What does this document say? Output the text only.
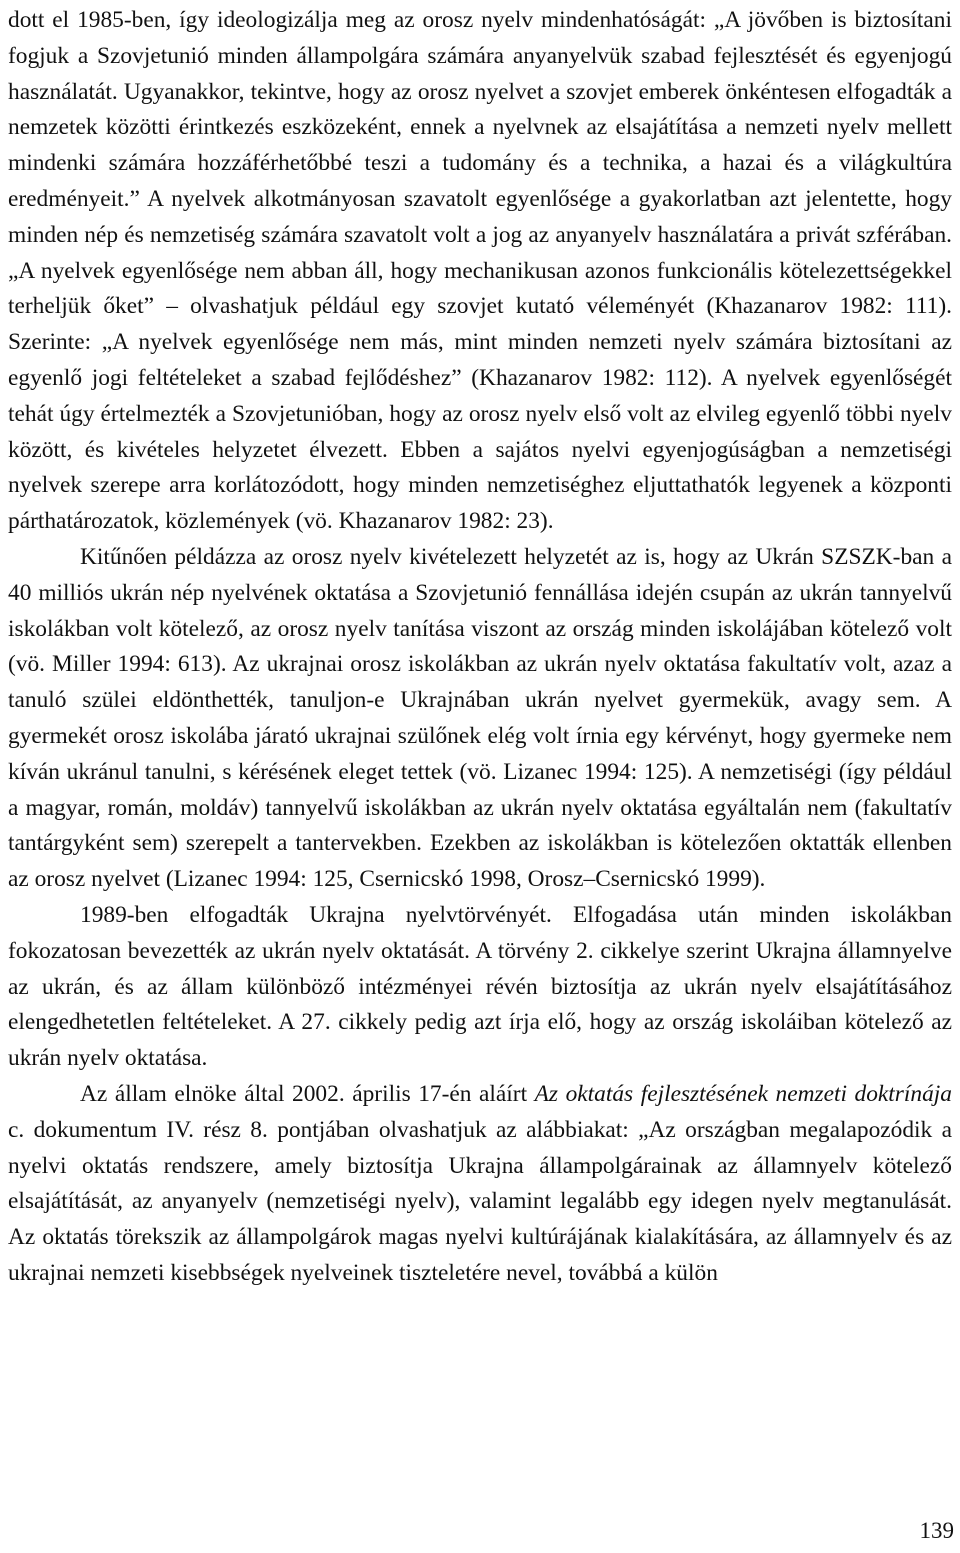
dott el 1985-ben, így ideologizálja meg az orosz nyelv mindenhatóságát: „A jövőben is biztosítani fogjuk a Szovjetunió minden állampolgára számára anyanyelvük szabad fejlesztését és egyenjogú használatát. Ugyanakkor, tekintve, hogy az orosz nyelvet a szovjet emberek önkéntesen elfogadták a nemzetek közötti érintkezés eszközeként, ennek a nyelvnek az elsajátítása a nemzeti nyelv mellett mindenki számára hozzáférhetőbbé teszi a tudomány és a technika, a hazai és a világkultúra eredményeit.” A nyelvek alkotmányosan szavatolt egyenlősége a gyakorlatban azt jelentette, hogy minden nép és nemzetiség számára szavatolt volt a jog az anyanyelv használatára a privát szférában. „A nyelvek egyenlősége nem abban áll, hogy mechanikusan azonos funkcionális kötelezettségekkel terheljük őket” – olvashatjuk például egy szovjet kutató véleményét (Khazanarov 1982: 111). Szerinte: „A nyelvek egyenlősége nem más, mint minden nemzeti nyelv számára biztosítani az egyenlő jogi feltételeket a szabad fejlődéshez” (Khazanarov 1982: 112). A nyelvek egyenlőségét tehát úgy értelmezték a Szovjetunióban, hogy az orosz nyelv első volt az elvileg egyenlő többi nyelv között, és kivételes helyzetet élvezett. Ebben a sajátos nyelvi egyenjogúságban a nemzetiségi nyelvek szerepe arra korlátozódott, hogy minden nemzetiséghez eljuttathatók legyenek a központi párthatározatok, közlemények (vö. Khazanarov 1982: 23).

Kitűnően példázza az orosz nyelv kivételezett helyzetét az is, hogy az Ukrán SZSZK-ban a 40 milliós ukrán nép nyelvének oktatása a Szovjetunió fennállása idején csupán az ukrán tannyelvű iskolákban volt kötelező, az orosz nyelv tanítása viszont az ország minden iskolájában kötelező volt (vö. Miller 1994: 613). Az ukrajnai orosz iskolákban az ukrán nyelv oktatása fakultatív volt, azaz a tanuló szülei eldönthették, tanuljon-e Ukrajnában ukrán nyelvet gyermekük, avagy sem. A gyermekét orosz iskolába járató ukrajnai szülőnek elég volt írnia egy kérvényt, hogy gyermeke nem kíván ukránul tanulni, s kérésének eleget tettek (vö. Lizanec 1994: 125). A nemzetiségi (így például a magyar, román, moldáv) tannyelvű iskolákban az ukrán nyelv oktatása egyáltalán nem (fakultatív tantárgyként sem) szerepelt a tantervekben. Ezekben az iskolákban is kötelezően oktatták ellenben az orosz nyelvet (Lizanec 1994: 125, Csernicskó 1998, Orosz–Csernicskó 1999).

1989-ben elfogadták Ukrajna nyelvtörvényét. Elfogadása után minden iskolákban fokozatosan bevezették az ukrán nyelv oktatását. A törvény 2. cikkelye szerint Ukrajna államnyelve az ukrán, és az állam különböző intézményei révén biztosítja az ukrán nyelv elsajátításához elengedhetetlen feltételeket. A 27. cikkely pedig azt írja elő, hogy az ország iskoláiban kötelező az ukrán nyelv oktatása.

Az állam elnöke által 2002. április 17-én aláírt Az oktatás fejlesztésének nemzeti doktrínája c. dokumentum IV. rész 8. pontjában olvashatjuk az alábbiakat: „Az országban megalapozódik a nyelvi oktatás rendszere, amely biztosítja Ukrajna állampolgárainak az államnyelv kötelező elsajátítását, az anyanyelv (nemzetiségi nyelv), valamint legalább egy idegen nyelv megtanulását. Az oktatás törekszik az állampolgárok magas nyelvi kultúrájának kialakítására, az államnyelv és az ukrajnai nemzeti kisebbségek nyelveinek tiszteletére nevel, továbbá a külön

139
